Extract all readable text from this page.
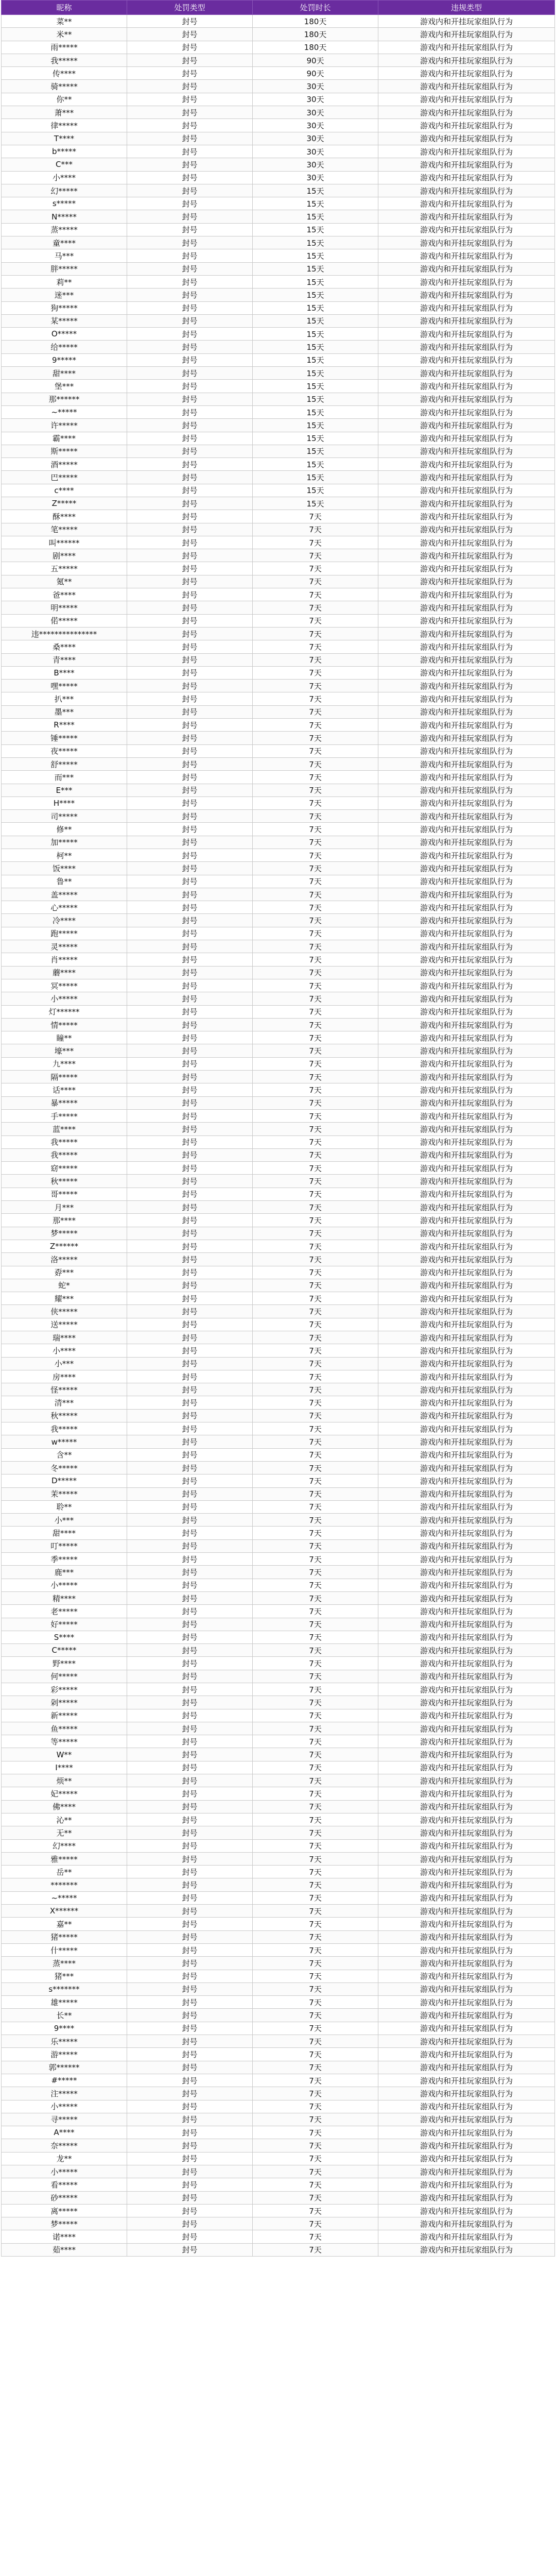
昵称	处罚类型	处罚时长	违规类型
菜**	封号	180天	游戏内和开挂玩家组队行为
米**	封号	180天	游戏内和开挂玩家组队行为
雨*****	封号	180天	游戏内和开挂玩家组队行为
我*****	封号	90天	游戏内和开挂玩家组队行为
传****	封号	90天	游戏内和开挂玩家组队行为
骑*****	封号	30天	游戏内和开挂玩家组队行为
你**	封号	30天	游戏内和开挂玩家组队行为
萧***	封号	30天	游戏内和开挂玩家组队行为
律*****	封号	30天	游戏内和开挂玩家组队行为
T****	封号	30天	游戏内和开挂玩家组队行为
b*****	封号	30天	游戏内和开挂玩家组队行为
C***	封号	30天	游戏内和开挂玩家组队行为
小****	封号	30天	游戏内和开挂玩家组队行为
幻*****	封号	15天	游戏内和开挂玩家组队行为
s*****	封号	15天	游戏内和开挂玩家组队行为
N*****	封号	15天	游戏内和开挂玩家组队行为
蒸*****	封号	15天	游戏内和开挂玩家组队行为
童****	封号	15天	游戏内和开挂玩家组队行为
马***	封号	15天	游戏内和开挂玩家组队行为
胖*****	封号	15天	游戏内和开挂玩家组队行为
莉**	封号	15天	游戏内和开挂玩家组队行为
迷***	封号	15天	游戏内和开挂玩家组队行为
狗*****	封号	15天	游戏内和开挂玩家组队行为
某*****	封号	15天	游戏内和开挂玩家组队行为
O*****	封号	15天	游戏内和开挂玩家组队行为
给*****	封号	15天	游戏内和开挂玩家组队行为
9*****	封号	15天	游戏内和开挂玩家组队行为
甜****	封号	15天	游戏内和开挂玩家组队行为
堡***	封号	15天	游戏内和开挂玩家组队行为
那******	封号	15天	游戏内和开挂玩家组队行为
~*****	封号	15天	游戏内和开挂玩家组队行为
许*****	封号	15天	游戏内和开挂玩家组队行为
霸****	封号	15天	游戏内和开挂玩家组队行为
斯*****	封号	15天	游戏内和开挂玩家组队行为
酒*****	封号	15天	游戏内和开挂玩家组队行为
巴*****	封号	15天	游戏内和开挂玩家组队行为
c****	封号	15天	游戏内和开挂玩家组队行为
Z*****	封号	15天	游戏内和开挂玩家组队行为
酥****	封号	7天	游戏内和开挂玩家组队行为
笔*****	封号	7天	游戏内和开挂玩家组队行为
叫******	封号	7天	游戏内和开挂玩家组队行为
剧****	封号	7天	游戏内和开挂玩家组队行为
五*****	封号	7天	游戏内和开挂玩家组队行为
氪**	封号	7天	游戏内和开挂玩家组队行为
爸****	封号	7天	游戏内和开挂玩家组队行为
明*****	封号	7天	游戏内和开挂玩家组队行为
偌*****	封号	7天	游戏内和开挂玩家组队行为
违***************	封号	7天	游戏内和开挂玩家组队行为
桑****	封号	7天	游戏内和开挂玩家组队行为
青****	封号	7天	游戏内和开挂玩家组队行为
B****	封号	7天	游戏内和开挂玩家组队行为
嘿*****	封号	7天	游戏内和开挂玩家组队行为
扒***	封号	7天	游戏内和开挂玩家组队行为
墨***	封号	7天	游戏内和开挂玩家组队行为
R****	封号	7天	游戏内和开挂玩家组队行为
锤*****	封号	7天	游戏内和开挂玩家组队行为
夜*****	封号	7天	游戏内和开挂玩家组队行为
舒*****	封号	7天	游戏内和开挂玩家组队行为
而***	封号	7天	游戏内和开挂玩家组队行为
E***	封号	7天	游戏内和开挂玩家组队行为
H****	封号	7天	游戏内和开挂玩家组队行为
司*****	封号	7天	游戏内和开挂玩家组队行为
修**	封号	7天	游戏内和开挂玩家组队行为
加*****	封号	7天	游戏内和开挂玩家组队行为
柯**	封号	7天	游戏内和开挂玩家组队行为
饭****	封号	7天	游戏内和开挂玩家组队行为
鲁**	封号	7天	游戏内和开挂玩家组队行为
盖*****	封号	7天	游戏内和开挂玩家组队行为
心*****	封号	7天	游戏内和开挂玩家组队行为
冷****	封号	7天	游戏内和开挂玩家组队行为
跑*****	封号	7天	游戏内和开挂玩家组队行为
灵*****	封号	7天	游戏内和开挂玩家组队行为
肖*****	封号	7天	游戏内和开挂玩家组队行为
蘑****	封号	7天	游戏内和开挂玩家组队行为
冥*****	封号	7天	游戏内和开挂玩家组队行为
小*****	封号	7天	游戏内和开挂玩家组队行为
灯******	封号	7天	游戏内和开挂玩家组队行为
情*****	封号	7天	游戏内和开挂玩家组队行为
瞳**	封号	7天	游戏内和开挂玩家组队行为
壕***	封号	7天	游戏内和开挂玩家组队行为
九****	封号	7天	游戏内和开挂玩家组队行为
隔*****	封号	7天	游戏内和开挂玩家组队行为
话****	封号	7天	游戏内和开挂玩家组队行为
暴*****	封号	7天	游戏内和开挂玩家组队行为
手*****	封号	7天	游戏内和开挂玩家组队行为
蓝****	封号	7天	游戏内和开挂玩家组队行为
我*****	封号	7天	游戏内和开挂玩家组队行为
我*****	封号	7天	游戏内和开挂玩家组队行为
窈*****	封号	7天	游戏内和开挂玩家组队行为
秋*****	封号	7天	游戏内和开挂玩家组队行为
哥*****	封号	7天	游戏内和开挂玩家组队行为
月***	封号	7天	游戏内和开挂玩家组队行为
那****	封号	7天	游戏内和开挂玩家组队行为
梦*****	封号	7天	游戏内和开挂玩家组队行为
Z******	封号	7天	游戏内和开挂玩家组队行为
洛*****	封号	7天	游戏内和开挂玩家组队行为
孬***	封号	7天	游戏内和开挂玩家组队行为
蛇*	封号	7天	游戏内和开挂玩家组队行为
耀***	封号	7天	游戏内和开挂玩家组队行为
侠*****	封号	7天	游戏内和开挂玩家组队行为
送*****	封号	7天	游戏内和开挂玩家组队行为
瑞****	封号	7天	游戏内和开挂玩家组队行为
小****	封号	7天	游戏内和开挂玩家组队行为
小***	封号	7天	游戏内和开挂玩家组队行为
房****	封号	7天	游戏内和开挂玩家组队行为
怪*****	封号	7天	游戏内和开挂玩家组队行为
清***	封号	7天	游戏内和开挂玩家组队行为
秋*****	封号	7天	游戏内和开挂玩家组队行为
我*****	封号	7天	游戏内和开挂玩家组队行为
w*****	封号	7天	游戏内和开挂玩家组队行为
含**	封号	7天	游戏内和开挂玩家组队行为
冬*****	封号	7天	游戏内和开挂玩家组队行为
D*****	封号	7天	游戏内和开挂玩家组队行为
茉*****	封号	7天	游戏内和开挂玩家组队行为
聆**	封号	7天	游戏内和开挂玩家组队行为
小***	封号	7天	游戏内和开挂玩家组队行为
甜****	封号	7天	游戏内和开挂玩家组队行为
叮*****	封号	7天	游戏内和开挂玩家组队行为
季*****	封号	7天	游戏内和开挂玩家组队行为
鹿***	封号	7天	游戏内和开挂玩家组队行为
小*****	封号	7天	游戏内和开挂玩家组队行为
精****	封号	7天	游戏内和开挂玩家组队行为
老*****	封号	7天	游戏内和开挂玩家组队行为
好*****	封号	7天	游戏内和开挂玩家组队行为
S****	封号	7天	游戏内和开挂玩家组队行为
C*****	封号	7天	游戏内和开挂玩家组队行为
野****	封号	7天	游戏内和开挂玩家组队行为
何*****	封号	7天	游戏内和开挂玩家组队行为
彩*****	封号	7天	游戏内和开挂玩家组队行为
剁*****	封号	7天	游戏内和开挂玩家组队行为
新*****	封号	7天	游戏内和开挂玩家组队行为
鱼*****	封号	7天	游戏内和开挂玩家组队行为
等*****	封号	7天	游戏内和开挂玩家组队行为
W**	封号	7天	游戏内和开挂玩家组队行为
I****	封号	7天	游戏内和开挂玩家组队行为
烦**	封号	7天	游戏内和开挂玩家组队行为
妃*****	封号	7天	游戏内和开挂玩家组队行为
佛****	封号	7天	游戏内和开挂玩家组队行为
沁**	封号	7天	游戏内和开挂玩家组队行为
无**	封号	7天	游戏内和开挂玩家组队行为
幻****	封号	7天	游戏内和开挂玩家组队行为
雅*****	封号	7天	游戏内和开挂玩家组队行为
岳**	封号	7天	游戏内和开挂玩家组队行为
*******	封号	7天	游戏内和开挂玩家组队行为
~*****	封号	7天	游戏内和开挂玩家组队行为
X******	封号	7天	游戏内和开挂玩家组队行为
嘉**	封号	7天	游戏内和开挂玩家组队行为
猪*****	封号	7天	游戏内和开挂玩家组队行为
什*****	封号	7天	游戏内和开挂玩家组队行为
蒸****	封号	7天	游戏内和开挂玩家组队行为
猪***	封号	7天	游戏内和开挂玩家组队行为
s*******	封号	7天	游戏内和开挂玩家组队行为
雄*****	封号	7天	游戏内和开挂玩家组队行为
长**	封号	7天	游戏内和开挂玩家组队行为
9****	封号	7天	游戏内和开挂玩家组队行为
乐*****	封号	7天	游戏内和开挂玩家组队行为
游*****	封号	7天	游戏内和开挂玩家组队行为
郭******	封号	7天	游戏内和开挂玩家组队行为
#*****	封号	7天	游戏内和开挂玩家组队行为
注*****	封号	7天	游戏内和开挂玩家组队行为
小*****	封号	7天	游戏内和开挂玩家组队行为
寻*****	封号	7天	游戏内和开挂玩家组队行为
A****	封号	7天	游戏内和开挂玩家组队行为
奈*****	封号	7天	游戏内和开挂玩家组队行为
龙**	封号	7天	游戏内和开挂玩家组队行为
小*****	封号	7天	游戏内和开挂玩家组队行为
看*****	封号	7天	游戏内和开挂玩家组队行为
砂*****	封号	7天	游戏内和开挂玩家组队行为
离*****	封号	7天	游戏内和开挂玩家组队行为
梦*****	封号	7天	游戏内和开挂玩家组队行为
诺****	封号	7天	游戏内和开挂玩家组队行为
茹****	封号	7天	游戏内和开挂玩家组队行为
